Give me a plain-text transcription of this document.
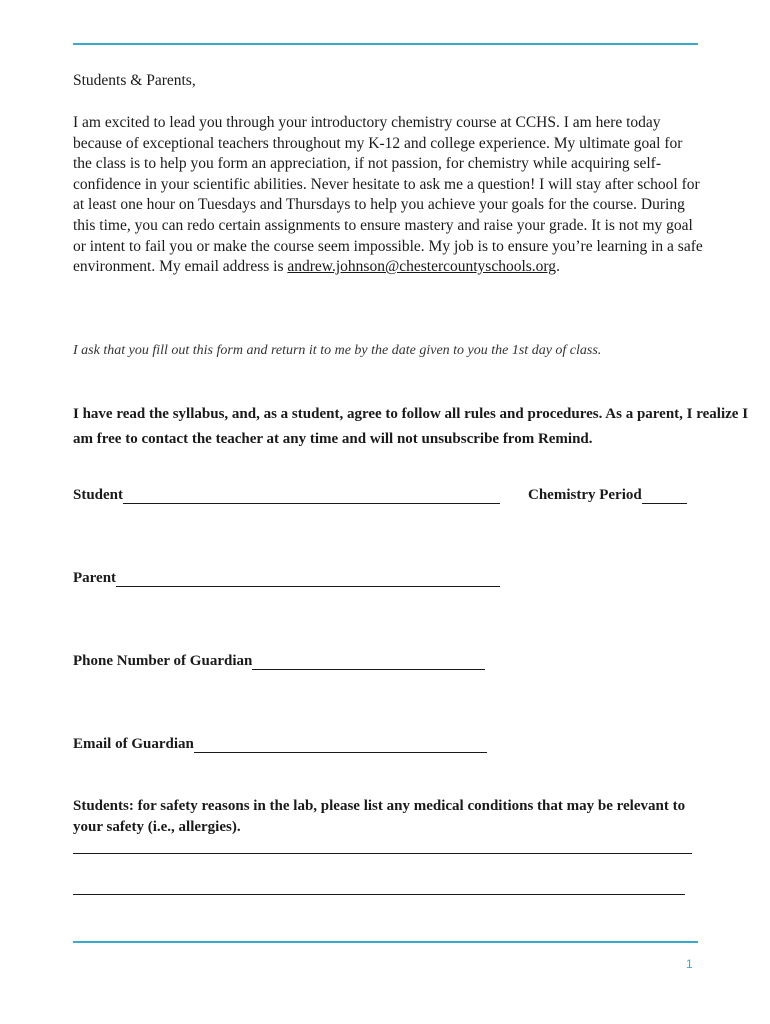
Students & Parents,

I am excited to lead you through your introductory chemistry course at CCHS. I am here today because of exceptional teachers throughout my K-12 and college experience. My ultimate goal for the class is to help you form an appreciation, if not passion, for chemistry while acquiring self-confidence in your scientific abilities. Never hesitate to ask me a question! I will stay after school for at least one hour on Tuesdays and Thursdays to help you achieve your goals for the course. During this time, you can redo certain assignments to ensure mastery and raise your grade. It is not my goal or intent to fail you or make the course seem impossible. My job is to ensure you’re learning in a safe environment. My email address is andrew.johnson@chestercountyschools.org.

I ask that you fill out this form and return it to me by the date given to you the 1st day of class.

I have read the syllabus, and, as a student, agree to follow all rules and procedures. As a parent, I realize I am free to contact the teacher at any time and will not unsubscribe from Remind.

Student	Chemistry Period
Parent
Phone Number of Guardian
Email of Guardian

Students: for safety reasons in the lab, please list any medical conditions that may be relevant to your safety (i.e., allergies).

1
